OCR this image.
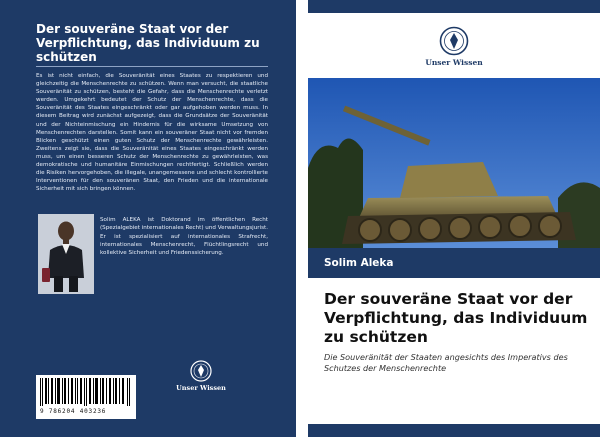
Der souveräne Staat vor der Verpflichtung, das Individuum zu schützen
Es ist nicht einfach, die Souveränität eines Staates zu respektieren und gleichzeitig die Menschenrechte zu schützen. Wenn man versucht, die staatliche Souveränität zu schützen, besteht die Gefahr, dass die Menschenrechte verletzt werden. Umgekehrt bedeutet der Schutz der Menschenrechte, dass die Souveränität des Staates eingeschränkt oder gar aufgehoben werden muss. In diesem Beitrag wird zunächst aufgezeigt, dass die Grundsätze der Souveränität und der Nichteinmischung ein Hindernis für die wirksame Umsetzung von Menschenrechten darstellen. Somit kann ein souveräner Staat nicht vor fremden Blicken geschützt einen guten Schutz der Menschenrechte gewährleisten. Zweitens zeigt sie, dass die Souveränität eines Staates eingeschränkt werden muss, um einen besseren Schutz der Menschenrechte zu gewährleisten, was demokratische und humanitäre Einmischungen rechtfertigt. Schließlich werden die Risiken hervorgehoben, die illegale, unangemessene und schlecht kontrollierte Interventionen für den souveränen Staat, den Frieden und die internationale Sicherheit mit sich bringen können.
Solim ALEKA ist Doktorand im öffentlichen Recht (Spezialgebiet internationales Recht) und Verwaltungsjurist. Er ist spezialisiert auf internationales Strafrecht, internationales Menschenrecht, Flüchtlingsrecht und kollektive Sicherheit und Friedenssicherung.
Unser Wissen
9 786204 403236
Unser Wissen
Solim Aleka
Der souveräne Staat vor der Verpflichtung, das Individuum zu schützen
Die Souveränität der Staaten angesichts des Imperativs des Schutzes der Menschenrechte
